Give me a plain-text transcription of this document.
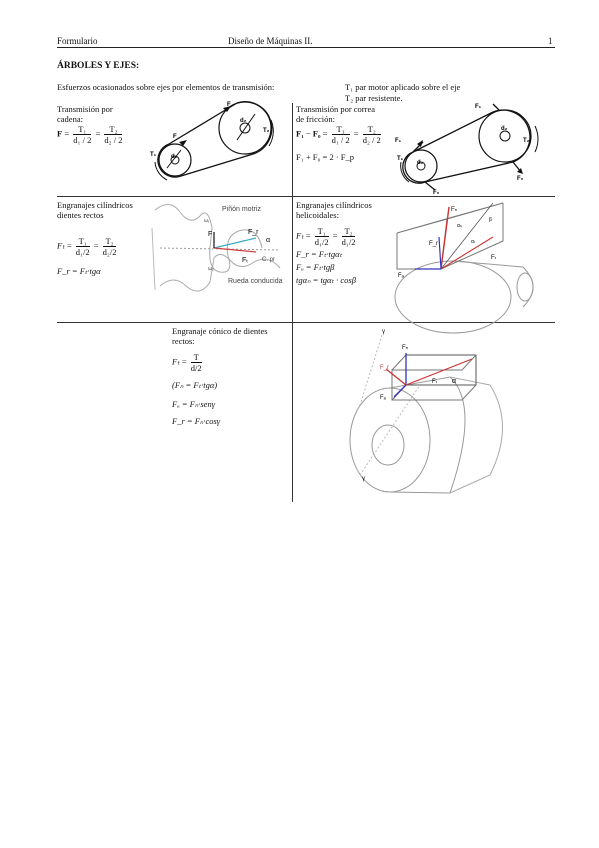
Formulario	Diseño de Máquinas II.	1
ÁRBOLES Y EJES:
Esfuerzos ocasionados sobre ejes por elementos de transmisión:	T₁ par motor aplicado sobre el eje
T₂ par resistente.
Transmisión por cadena:
$F = \frac{\text{T₁}}{\text{d₁ / 2}} = \frac{\text{T₂}}{\text{d₂ / 2}}$
F
F
d₁
d₂
T₁
T₂
Transmisión por correa de fricción:
$F_1 - F_0 = \frac{\text{T₁}}{\text{d₁ / 2}} = \frac{\text{T₂}}{\text{d₂ / 2}}$
F₁ + F₀ = 2 · F_p
F₁
F₁
F₀
F₀
d₁
d₂
T₁
T₂
Engranajes cilíndricos dientes rectos
$F_t = \frac{\text{T₁}}{\text{d₁/2}} = \frac{\text{T₂}}{\text{d₂/2}}$
F_r = Fₜ·tgα
Piñón motriz
Rueda conducida
C. pr
F	F_r
Fₜ
α
ω₁
ω₂
Engranajes cilíndricos helicoidales:
$F_t = \frac{\text{T₁}}{\text{d₁/2}} = \frac{\text{T₂}}{\text{d₁/2}}$
F_r = Fₜ·tgαₜ
Fₐ = Fₜ·tgβ
tgαₙ = tgαₜ · cosβ
Fₙ
F_r
Fₜ
Fₐ
αₙ
αₜ
β
Engranaje cónico de dientes rectos:
$F_t = \frac{T}{d/2}$
(Fₙ = Fₜ·tgα)
Fₐ = Fₙ·senγ
F_r = Fₙ·cosγ
F_r
Fₙ
Fₐ
Fₜ α
γ
γ
